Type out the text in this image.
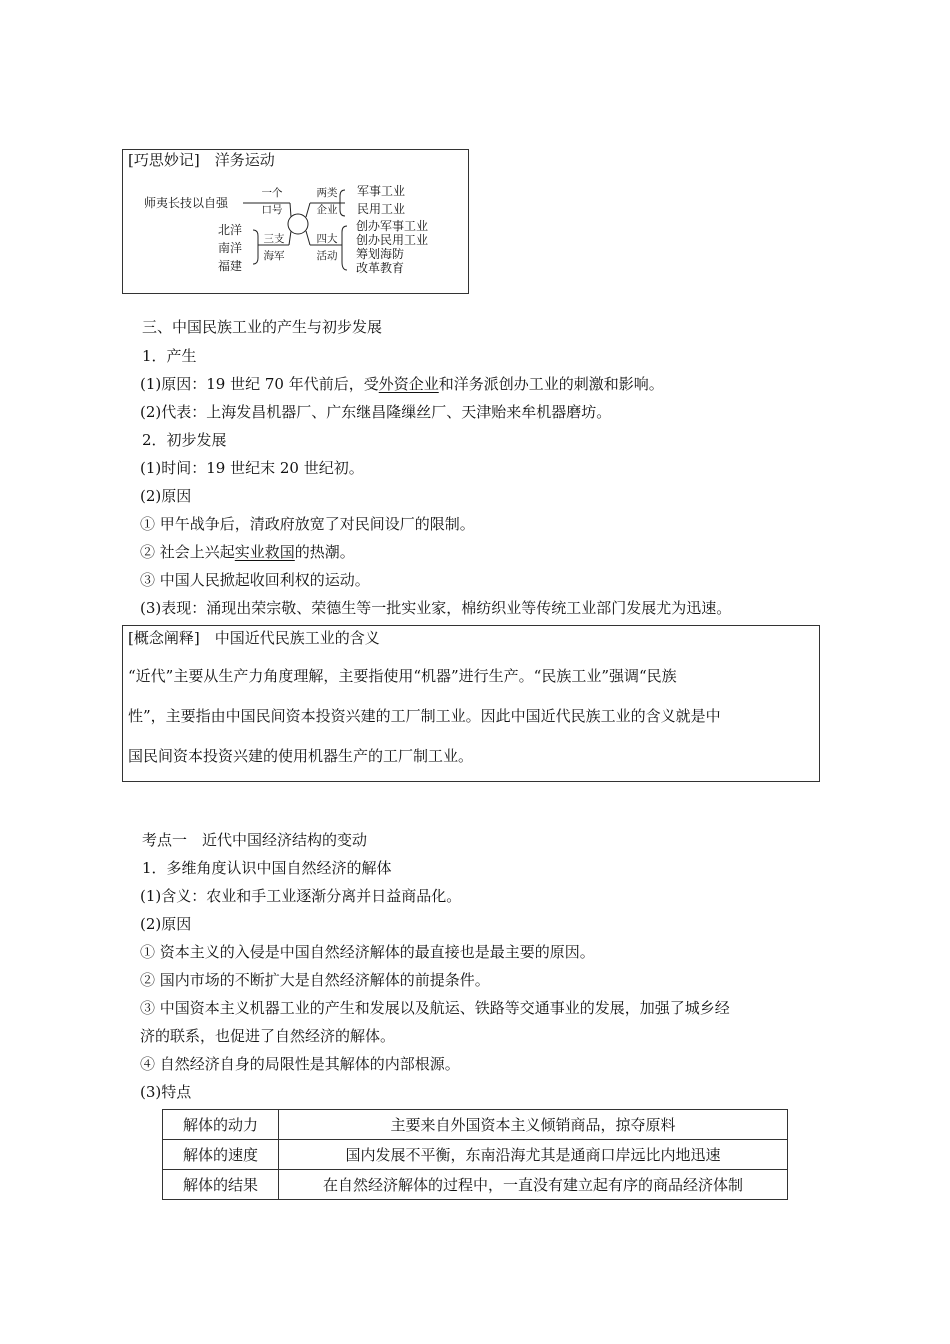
[巧思妙记]　洋务运动
师夷长技以自强
一个
口号
两类
企业
军事工业
民用工业
北洋
南洋
福建
三支
海军
四大
活动
创办军事工业
创办民用工业
筹划海防
改革教育
三、中国民族工业的产生与初步发展
1．产生
(1)原因：19 世纪 70 年代前后，受外资企业和洋务派创办工业的刺激和影响。
(2)代表：上海发昌机器厂、广东继昌隆缫丝厂、天津贻来牟机器磨坊。
2．初步发展
(1)时间：19 世纪末 20 世纪初。
(2)原因
① 甲午战争后，清政府放宽了对民间设厂的限制。
② 社会上兴起实业救国的热潮。
③ 中国人民掀起收回利权的运动。
(3)表现：涌现出荣宗敬、荣德生等一批实业家，棉纺织业等传统工业部门发展尤为迅速。
[概念阐释]　中国近代民族工业的含义
“近代”主要从生产力角度理解，主要指使用“机器”进行生产。“民族工业”强调“民族
性”，主要指由中国民间资本投资兴建的工厂制工业。因此中国近代民族工业的含义就是中
国民间资本投资兴建的使用机器生产的工厂制工业。
考点一　近代中国经济结构的变动
1．多维角度认识中国自然经济的解体
(1)含义：农业和手工业逐渐分离并日益商品化。
(2)原因
① 资本主义的入侵是中国自然经济解体的最直接也是最主要的原因。
② 国内市场的不断扩大是自然经济解体的前提条件。
③ 中国资本主义机器工业的产生和发展以及航运、铁路等交通事业的发展，加强了城乡经
济的联系，也促进了自然经济的解体。
④ 自然经济自身的局限性是其解体的内部根源。
(3)特点
解体的动力	主要来自外国资本主义倾销商品，掠夺原料
解体的速度	国内发展不平衡，东南沿海尤其是通商口岸远比内地迅速
解体的结果	在自然经济解体的过程中，一直没有建立起有序的商品经济体制
